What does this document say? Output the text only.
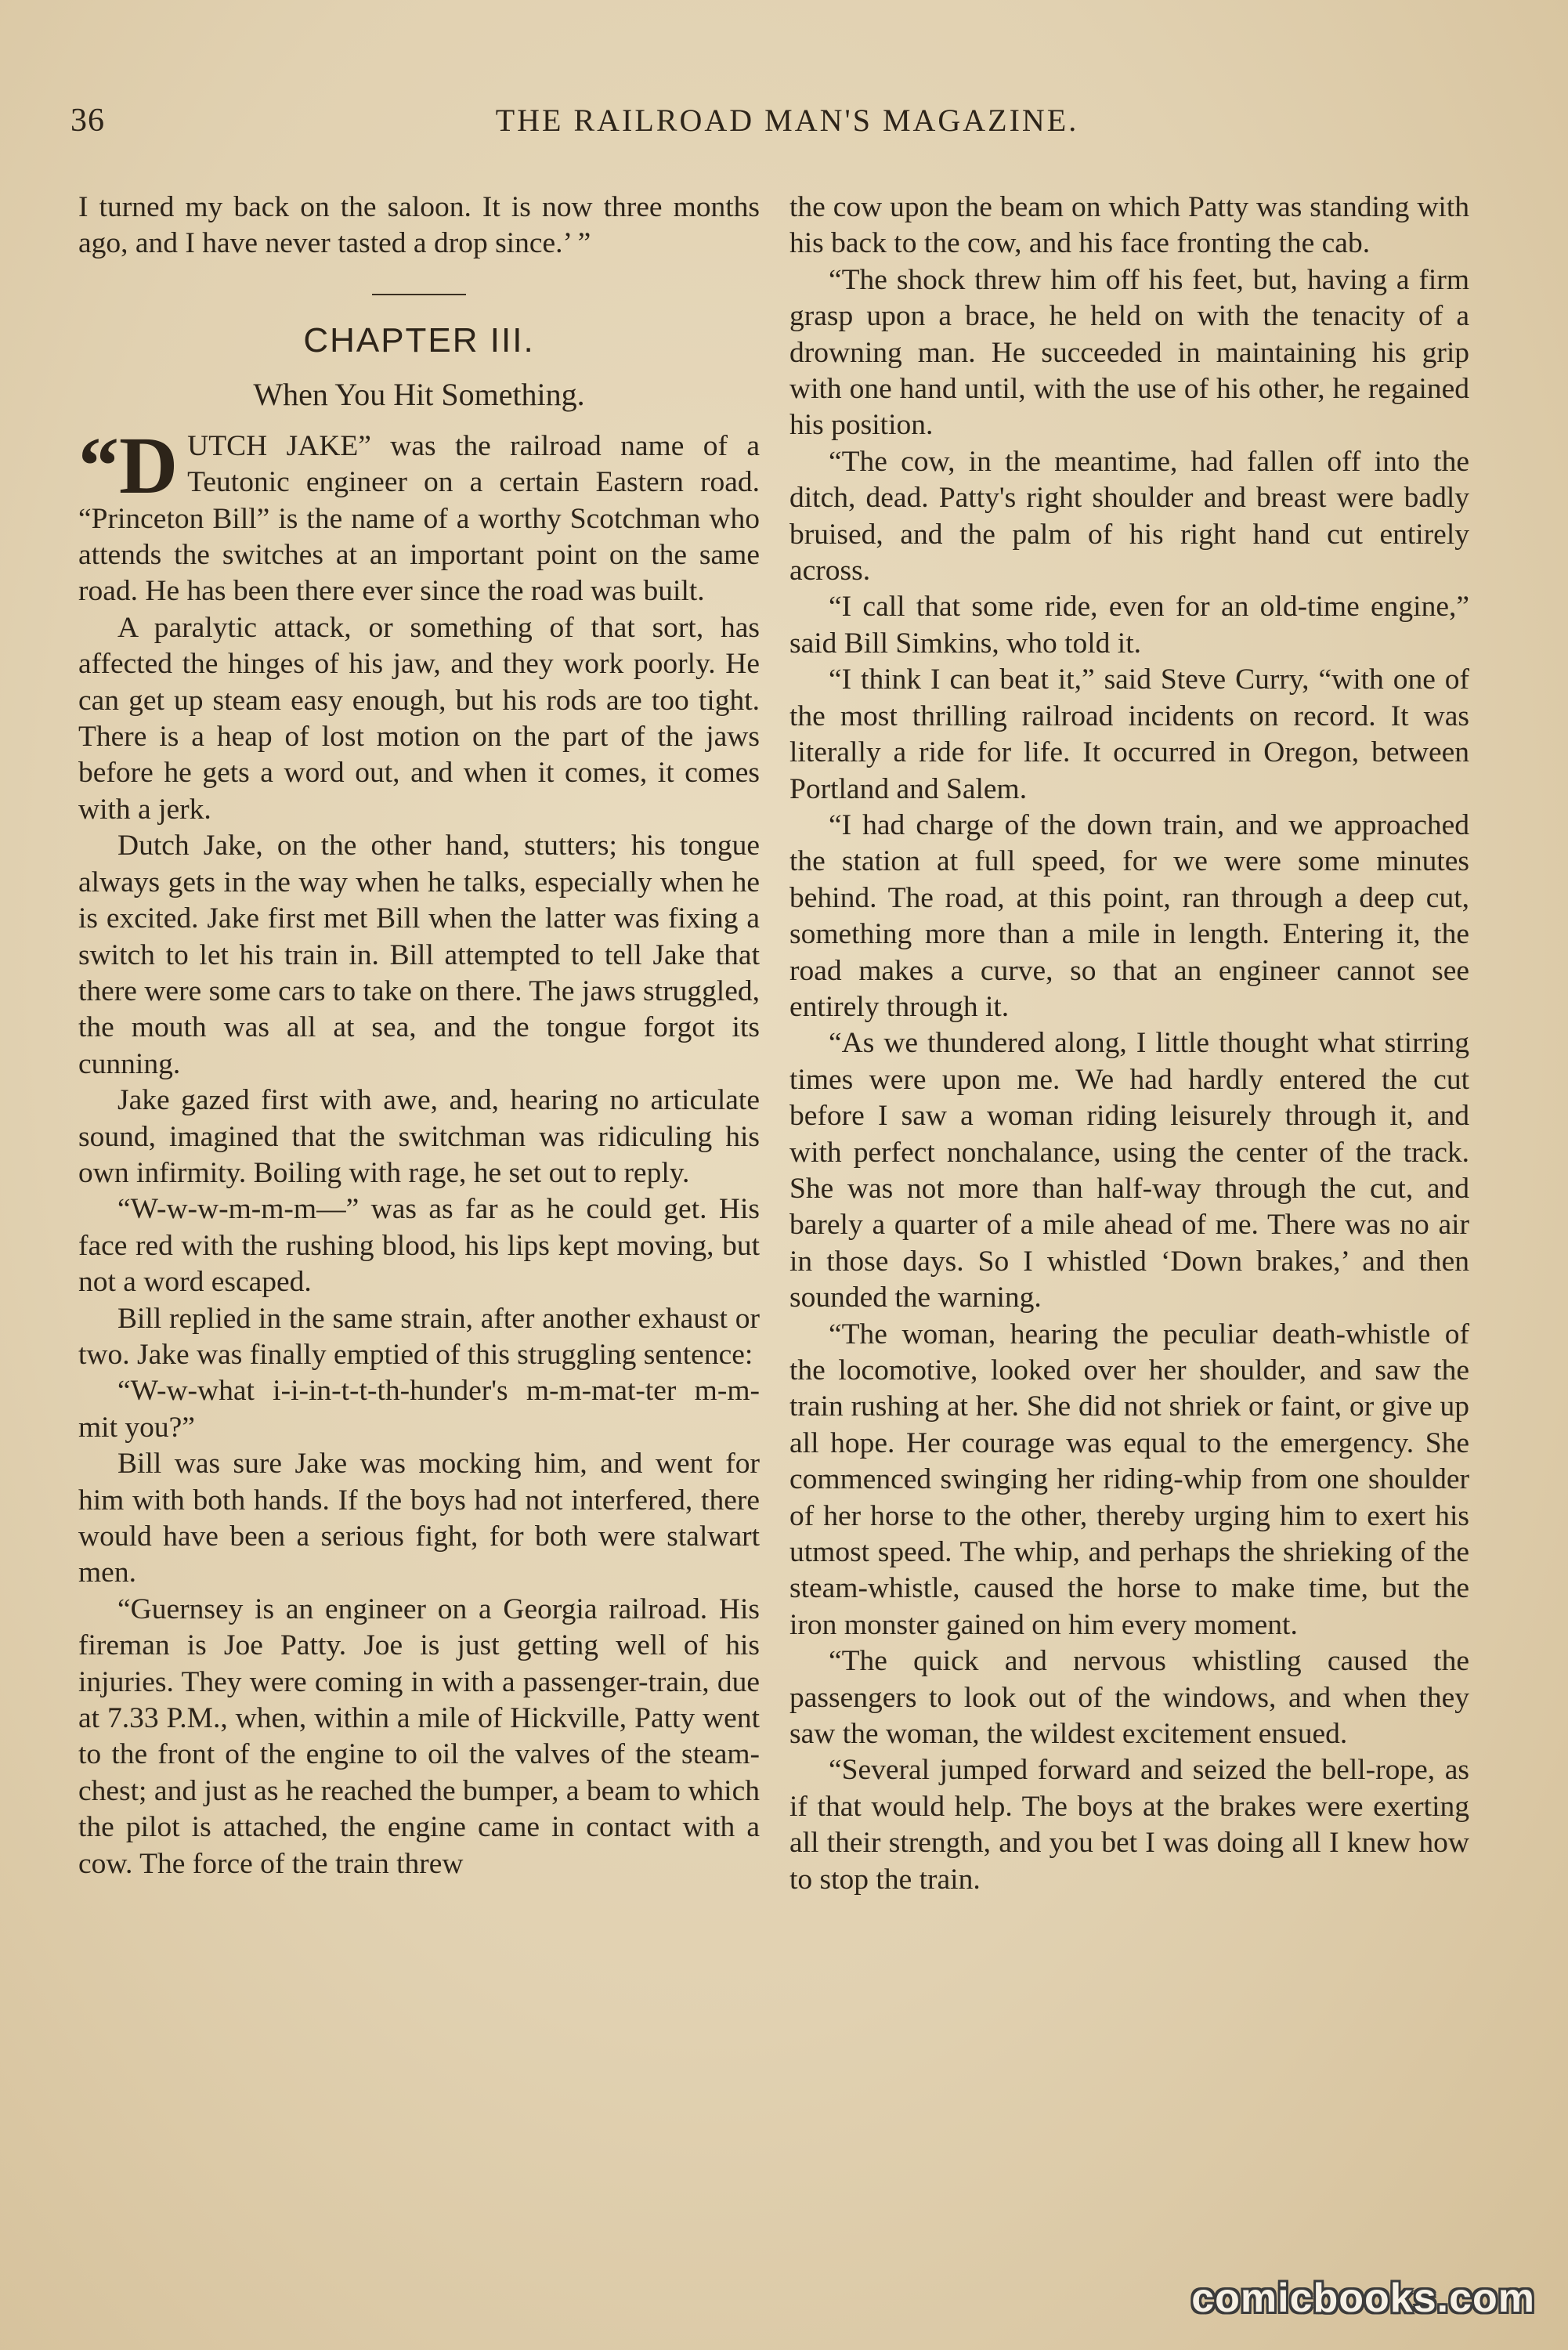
36	THE RAILROAD MAN'S MAGAZINE.

I turned my back on the saloon. It is now three months ago, and I have never tasted a drop since.’ ”

CHAPTER III.
When You Hit Something.

“D UTCH JAKE” was the railroad name of a Teutonic engineer on a certain Eastern road. “Princeton Bill” is the name of a worthy Scotchman who attends the switches at an important point on the same road. He has been there ever since the road was built.

A paralytic attack, or something of that sort, has affected the hinges of his jaw, and they work poorly. He can get up steam easy enough, but his rods are too tight. There is a heap of lost motion on the part of the jaws before he gets a word out, and when it comes, it comes with a jerk.

Dutch Jake, on the other hand, stutters; his tongue always gets in the way when he talks, especially when he is excited. Jake first met Bill when the latter was fixing a switch to let his train in. Bill attempted to tell Jake that there were some cars to take on there. The jaws struggled, the mouth was all at sea, and the tongue forgot its cunning.

Jake gazed first with awe, and, hearing no articulate sound, imagined that the switchman was ridiculing his own infirmity. Boiling with rage, he set out to reply.

“W-w-w-m-m-m—” was as far as he could get. His face red with the rushing blood, his lips kept moving, but not a word escaped.

Bill replied in the same strain, after another exhaust or two. Jake was finally emptied of this struggling sentence:

“W-w-what i-i-in-t-t-th-hunder's m-m-mat-ter m-m-mit you?”

Bill was sure Jake was mocking him, and went for him with both hands. If the boys had not interfered, there would have been a serious fight, for both were stalwart men.

“Guernsey is an engineer on a Georgia railroad. His fireman is Joe Patty. Joe is just getting well of his injuries. They were coming in with a passenger-train, due at 7.33 P.M., when, within a mile of Hickville, Patty went to the front of the engine to oil the valves of the steam-chest; and just as he reached the bumper, a beam to which the pilot is attached, the engine came in contact with a cow. The force of the train threw

the cow upon the beam on which Patty was standing with his back to the cow, and his face fronting the cab.

“The shock threw him off his feet, but, having a firm grasp upon a brace, he held on with the tenacity of a drowning man. He succeeded in maintaining his grip with one hand until, with the use of his other, he regained his position.

“The cow, in the meantime, had fallen off into the ditch, dead. Patty's right shoulder and breast were badly bruised, and the palm of his right hand cut entirely across.

“I call that some ride, even for an old-time engine,” said Bill Simkins, who told it.

“I think I can beat it,” said Steve Curry, “with one of the most thrilling railroad incidents on record. It was literally a ride for life. It occurred in Oregon, between Portland and Salem.

“I had charge of the down train, and we approached the station at full speed, for we were some minutes behind. The road, at this point, ran through a deep cut, something more than a mile in length. Entering it, the road makes a curve, so that an engineer cannot see entirely through it.

“As we thundered along, I little thought what stirring times were upon me. We had hardly entered the cut before I saw a woman riding leisurely through it, and with perfect nonchalance, using the center of the track. She was not more than half-way through the cut, and barely a quarter of a mile ahead of me. There was no air in those days. So I whistled ‘Down brakes,’ and then sounded the warning.

“The woman, hearing the peculiar death-whistle of the locomotive, looked over her shoulder, and saw the train rushing at her. She did not shriek or faint, or give up all hope. Her courage was equal to the emergency. She commenced swinging her riding-whip from one shoulder of her horse to the other, thereby urging him to exert his utmost speed. The whip, and perhaps the shrieking of the steam-whistle, caused the horse to make time, but the iron monster gained on him every moment.

“The quick and nervous whistling caused the passengers to look out of the windows, and when they saw the woman, the wildest excitement ensued.

“Several jumped forward and seized the bell-rope, as if that would help. The boys at the brakes were exerting all their strength, and you bet I was doing all I knew how to stop the train.

comicbooks.com
